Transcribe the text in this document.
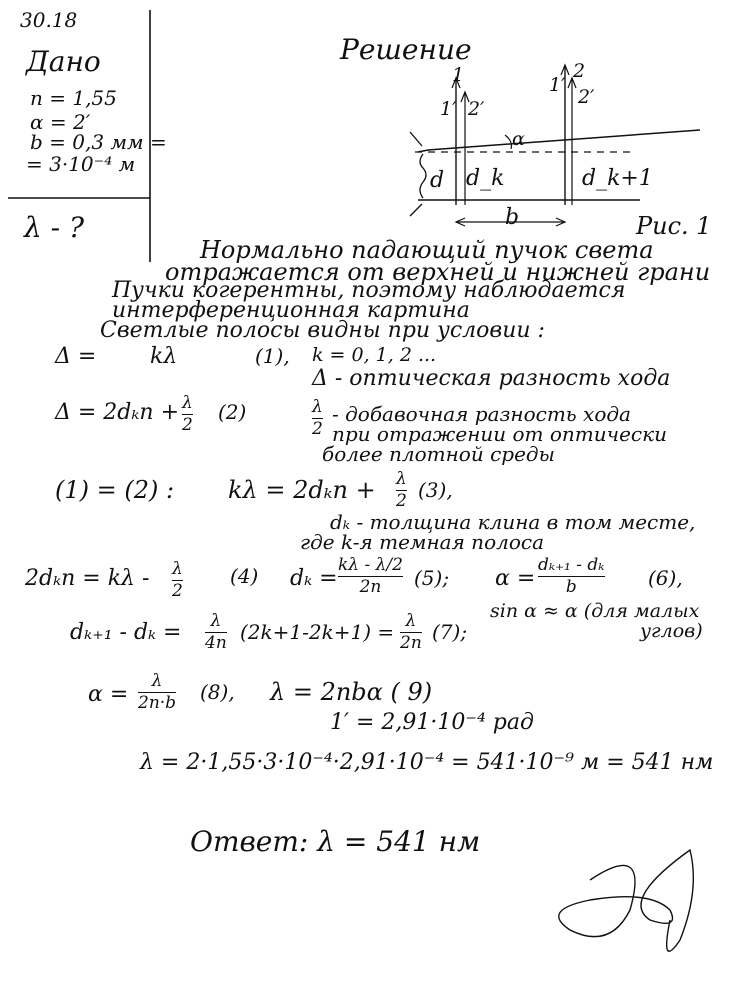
30.18
Дано
n = 1,55
α = 2′
b = 0,3 мм =
= 3·10⁻⁴ м
λ - ?
Решение
1
1′ 2′
1′
2
2′
α
d d_k	d_k+1
b	Рис. 1
Нормально падающий пучок света
отражается от верхней и нижней грани
Пучки когерентны, поэтому наблюдается
интерференционная картина
Светлые полосы видны при условии :
Δ = kλ	(1), k = 0, 1, 2 ...
Δ - оптическая разность хода
Δ = 2dₖn + λ
2
(2)	λ
2
- добавочная разность хода
при отражении от оптически
более плотной среды
(1) = (2) : kλ = 2dₖn + λ
2 (3),
dₖ - толщина клина в том месте,
где k-я темная полоса
2dₖn = kλ - λ
2
(4) dₖ =
kλ - λ/2
2n (5); α =
dₖ₊₁ - dₖ
b	(6),
sin α ≈ α (для малых
углов)
dₖ₊₁ - dₖ = λ
4n (2k+1-2k+1) = λ
2n (7);
α =
λ
2n·b (8), λ = 2nbα ( 9)
1′ = 2,91·10⁻⁴ рад
λ = 2·1,55·3·10⁻⁴·2,91·10⁻⁴ = 541·10⁻⁹ м = 541 нм
Ответ: λ = 541 нм
